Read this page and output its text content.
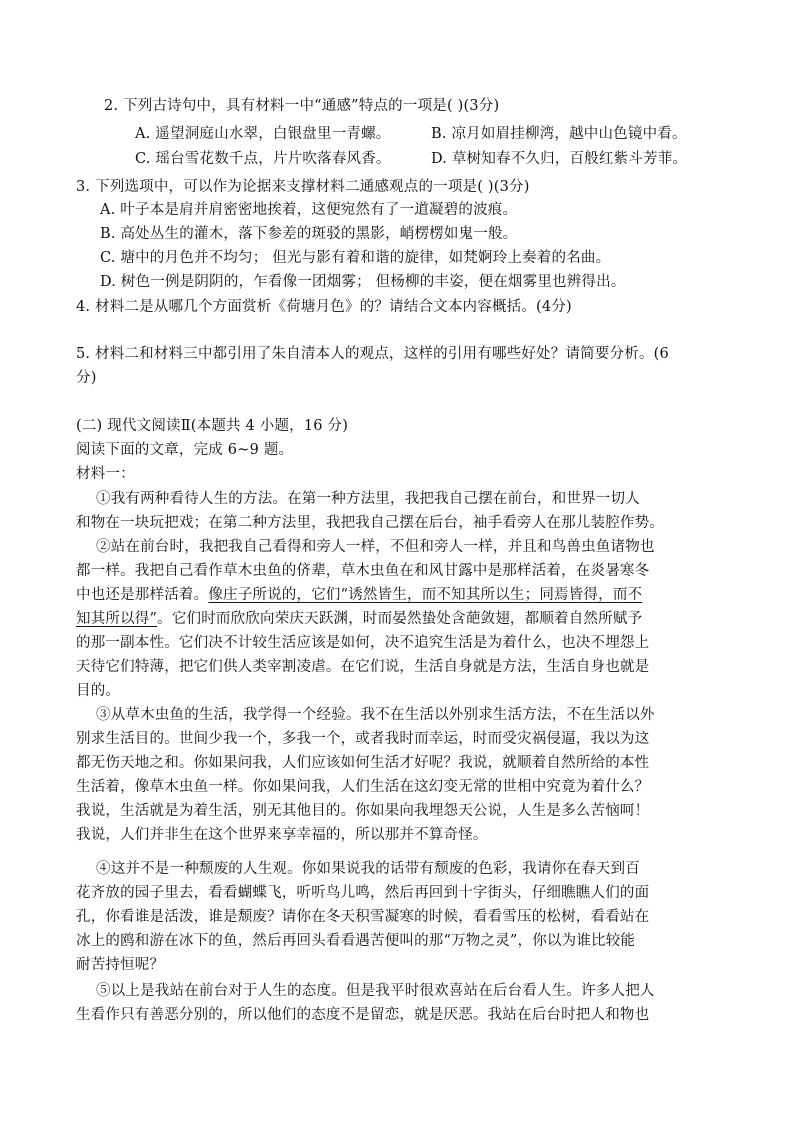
2. 下列古诗句中，具有材料一中“通感”特点的一项是( )(3分)
A. 遥望洞庭山水翠，白银盘里一青螺。	B. 凉月如眉挂柳湾，越中山色镜中看。
C. 瑶台雪花数千点，片片吹落春风香。	D. 草树知春不久归，百般红紫斗芳菲。
3. 下列选项中，可以作为论据来支撑材料二通感观点的一项是( )(3分)
A. 叶子本是肩并肩密密地挨着，这便宛然有了一道凝碧的波痕。
B. 高处丛生的灌木，落下参差的斑驳的黑影，峭楞楞如鬼一般。
C. 塘中的月色并不均匀； 但光与影有着和谐的旋律，如梵婀玲上奏着的名曲。
D. 树色一例是阴阴的，乍看像一团烟雾； 但杨柳的丰姿，便在烟雾里也辨得出。
4. 材料二是从哪几个方面赏析《荷塘月色》的？请结合文本内容概括。(4分)
5. 材料二和材料三中都引用了朱自清本人的观点，这样的引用有哪些好处？请简要分析。(6
分)
(二) 现代文阅读Ⅱ(本题共 4 小题，16 分)
阅读下面的文章，完成 6~9 题。
材料一：
①我有两种看待人生的方法。在第一种方法里，我把我自己摆在前台，和世界一切人
和物在一块玩把戏；在第二种方法里，我把我自己摆在后台，袖手看旁人在那儿装腔作势。
②站在前台时，我把我自己看得和旁人一样，不但和旁人一样，并且和鸟兽虫鱼诸物也
都一样。我把自己看作草木虫鱼的侪辈，草木虫鱼在和风甘露中是那样活着，在炎暑寒冬
中也还是那样活着。像庄子所说的，它们“诱然皆生，而不知其所以生；同焉皆得，而不
知其所以得”。它们时而欣欣向荣庆天跃渊，时而晏然蛰处含葩敛翅，都顺着自然所赋予
的那一副本性。它们决不计较生活应该是如何，决不追究生活是为着什么，也决不埋怨上
天待它们特薄，把它们供人类宰割凌虐。在它们说，生活自身就是方法，生活自身也就是
目的。
③从草木虫鱼的生活，我学得一个经验。我不在生活以外别求生活方法，不在生活以外
别求生活目的。世间少我一个，多我一个，或者我时而幸运，时而受灾祸侵逼，我以为这
都无伤天地之和。你如果问我，人们应该如何生活才好呢？我说，就顺着自然所给的本性
生活着，像草木虫鱼一样。你如果问我，人们生活在这幻变无常的世相中究竟为着什么？
我说，生活就是为着生活，别无其他目的。你如果向我埋怨天公说，人生是多么苦恼呵！
我说，人们并非生在这个世界来享幸福的，所以那并不算奇怪。
④这并不是一种颓废的人生观。你如果说我的话带有颓废的色彩，我请你在春天到百
花齐放的园子里去，看看蝴蝶飞，听听鸟儿鸣，然后再回到十字街头，仔细瞧瞧人们的面
孔，你看谁是活泼，谁是颓废？请你在冬天积雪凝寒的时候，看看雪压的松树，看看站在
冰上的鸥和游在冰下的鱼，然后再回头看看遇苦便叫的那“万物之灵”，你以为谁比较能
耐苦持恒呢？
⑤以上是我站在前台对于人生的态度。但是我平时很欢喜站在后台看人生。许多人把人
生看作只有善恶分别的，所以他们的态度不是留恋，就是厌恶。我站在后台时把人和物也
